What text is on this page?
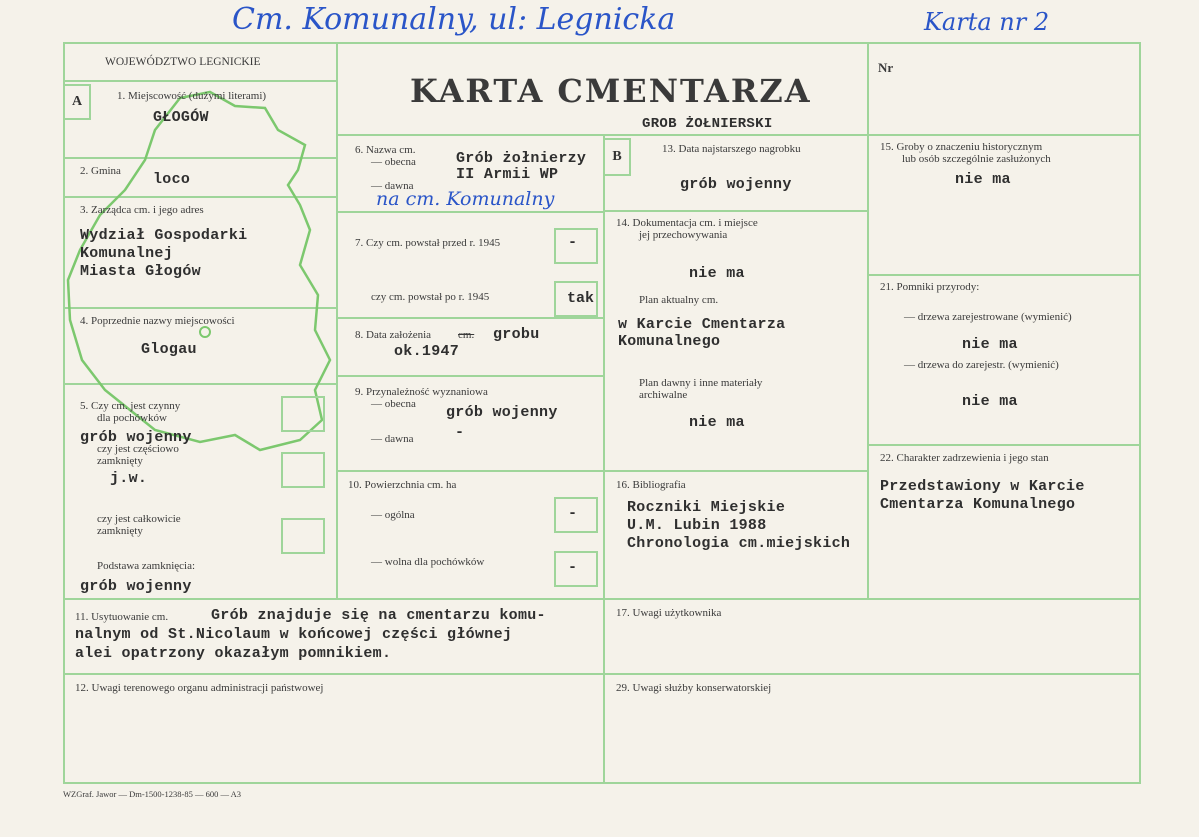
Cm. Komunalny, ul: Legnicka	Karta nr 2
A
B
WOJEWÓDZTWO LEGNICKIE
KARTA CMENTARZA
GROB ŻOŁNIERSKI
Nr
1. Miejscowość (dużymi literami)
GŁOGÓW
2. Gmina loco
3. Zarządca cm. i jego adres
Wydział Gospodarki
Komunalnej
Miasta Głogów
4. Poprzednie nazwy miejscowości
Glogau
5. Czy cm. jest czynny
dla pochówków
grób wojenny
czy jest częściowo
zamknięty
j.w.
czy jest całkowicie
zamknięty
Podstawa zamknięcia:
grób wojenny
6. Nazwa cm.
— obecna	Grób żołnierzy
II Armii WP
— dawna
na cm. Komunalny
7. Czy cm. powstał przed r. 1945	-
czy cm. powstał po r. 1945	tak
8. Data założenia cm. grobu
ok.1947
9. Przynależność wyznaniowa
— obecna grób wojenny
— dawna	-
10. Powierzchnia cm. ha
— ogólna	-
— wolna dla pochówków	-
13. Data najstarszego nagrobku
grób wojenny
14. Dokumentacja cm. i miejsce
jej przechowywania
nie ma
Plan aktualny cm.
w Karcie Cmentarza
Komunalnego
Plan dawny i inne materiały
archiwalne
nie ma
16. Bibliografia
Roczniki Miejskie
U.M. Lubin 1988
Chronologia cm.miejskich
15. Groby o znaczeniu historycznym
lub osób szczególnie zasłużonych
nie ma
21. Pomniki przyrody:
— drzewa zarejestrowane (wymienić)
nie ma
— drzewa do zarejestr. (wymienić)
nie ma
22. Charakter zadrzewienia i jego stan
Przedstawiony w Karcie
Cmentarza Komunalnego
11. Usytuowanie cm.	Grób znajduje się na cmentarzu komu-
nalnym od St.Nicolaum w końcowej części głównej
alei opatrzony okazałym pomnikiem.
17. Uwagi użytkownika
12. Uwagi terenowego organu administracji państwowej	29. Uwagi służby konserwatorskiej
WZGraf. Jawor — Dm-1500-1238-85 — 600 — A3
